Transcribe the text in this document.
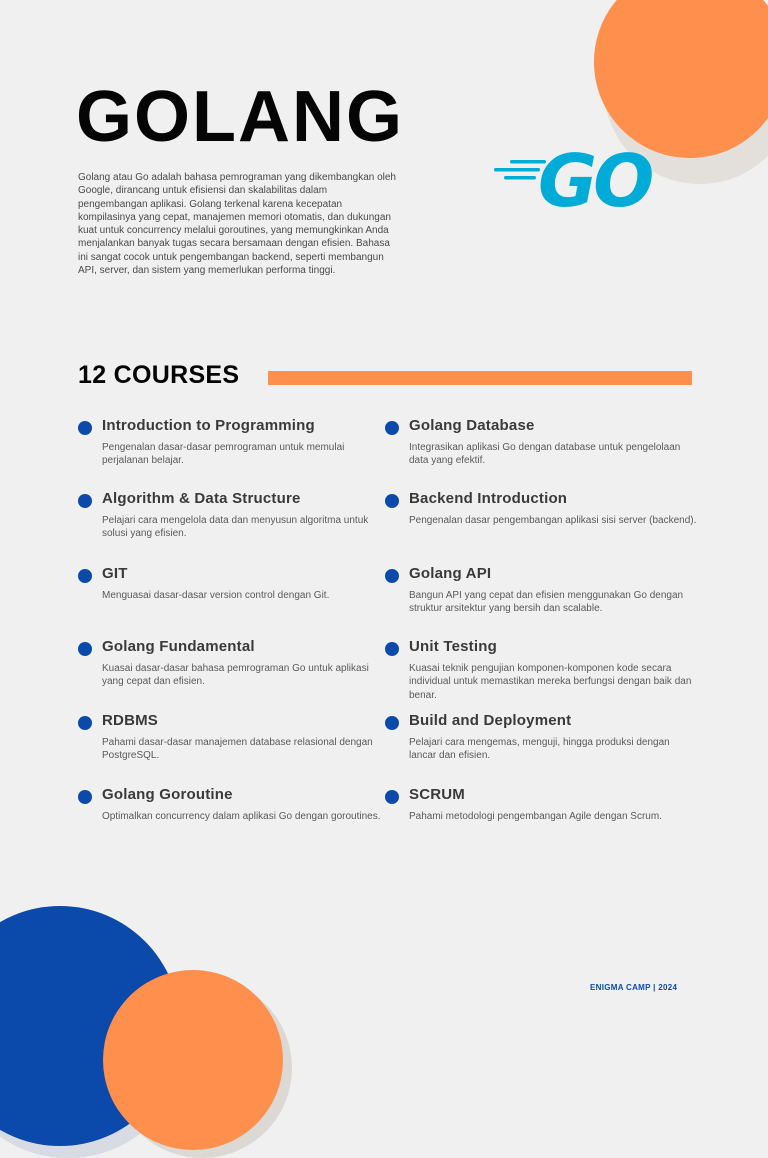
GOLANG

Golang atau Go adalah bahasa pemrograman yang dikembangkan oleh Google, dirancang untuk efisiensi dan skalabilitas dalam pengembangan aplikasi. Golang terkenal karena kecepatan kompilasinya yang cepat, manajemen memori otomatis, dan dukungan kuat untuk concurrency melalui goroutines, yang memungkinkan Anda menjalankan banyak tugas secara bersamaan dengan efisien. Bahasa ini sangat cocok untuk pengembangan backend, seperti membangun API, server, dan sistem yang memerlukan performa tinggi.

GO
12 COURSES
Introduction to Programming

Pengenalan dasar-dasar pemrograman untuk memulai perjalanan belajar.

Algorithm & Data Structure

Pelajari cara mengelola data dan menyusun algoritma untuk solusi yang efisien.

GIT

Menguasai dasar-dasar version control dengan Git.

Golang Fundamental

Kuasai dasar-dasar bahasa pemrograman Go untuk aplikasi yang cepat dan efisien.

RDBMS

Pahami dasar-dasar manajemen database relasional dengan PostgreSQL.

Golang Goroutine

Optimalkan concurrency dalam aplikasi Go dengan goroutines.

Golang Database

Integrasikan aplikasi Go dengan database untuk pengelolaan data yang efektif.

Backend Introduction

Pengenalan dasar pengembangan aplikasi sisi server (backend).

Golang API

Bangun API yang cepat dan efisien menggunakan Go dengan struktur arsitektur yang bersih dan scalable.

Unit Testing

Kuasai teknik pengujian komponen-komponen kode secara individual untuk memastikan mereka berfungsi dengan baik dan benar.

Build and Deployment

Pelajari cara mengemas, menguji, hingga produksi dengan lancar dan efisien.

SCRUM

Pahami metodologi pengembangan Agile dengan Scrum.

ENIGMA CAMP | 2024
